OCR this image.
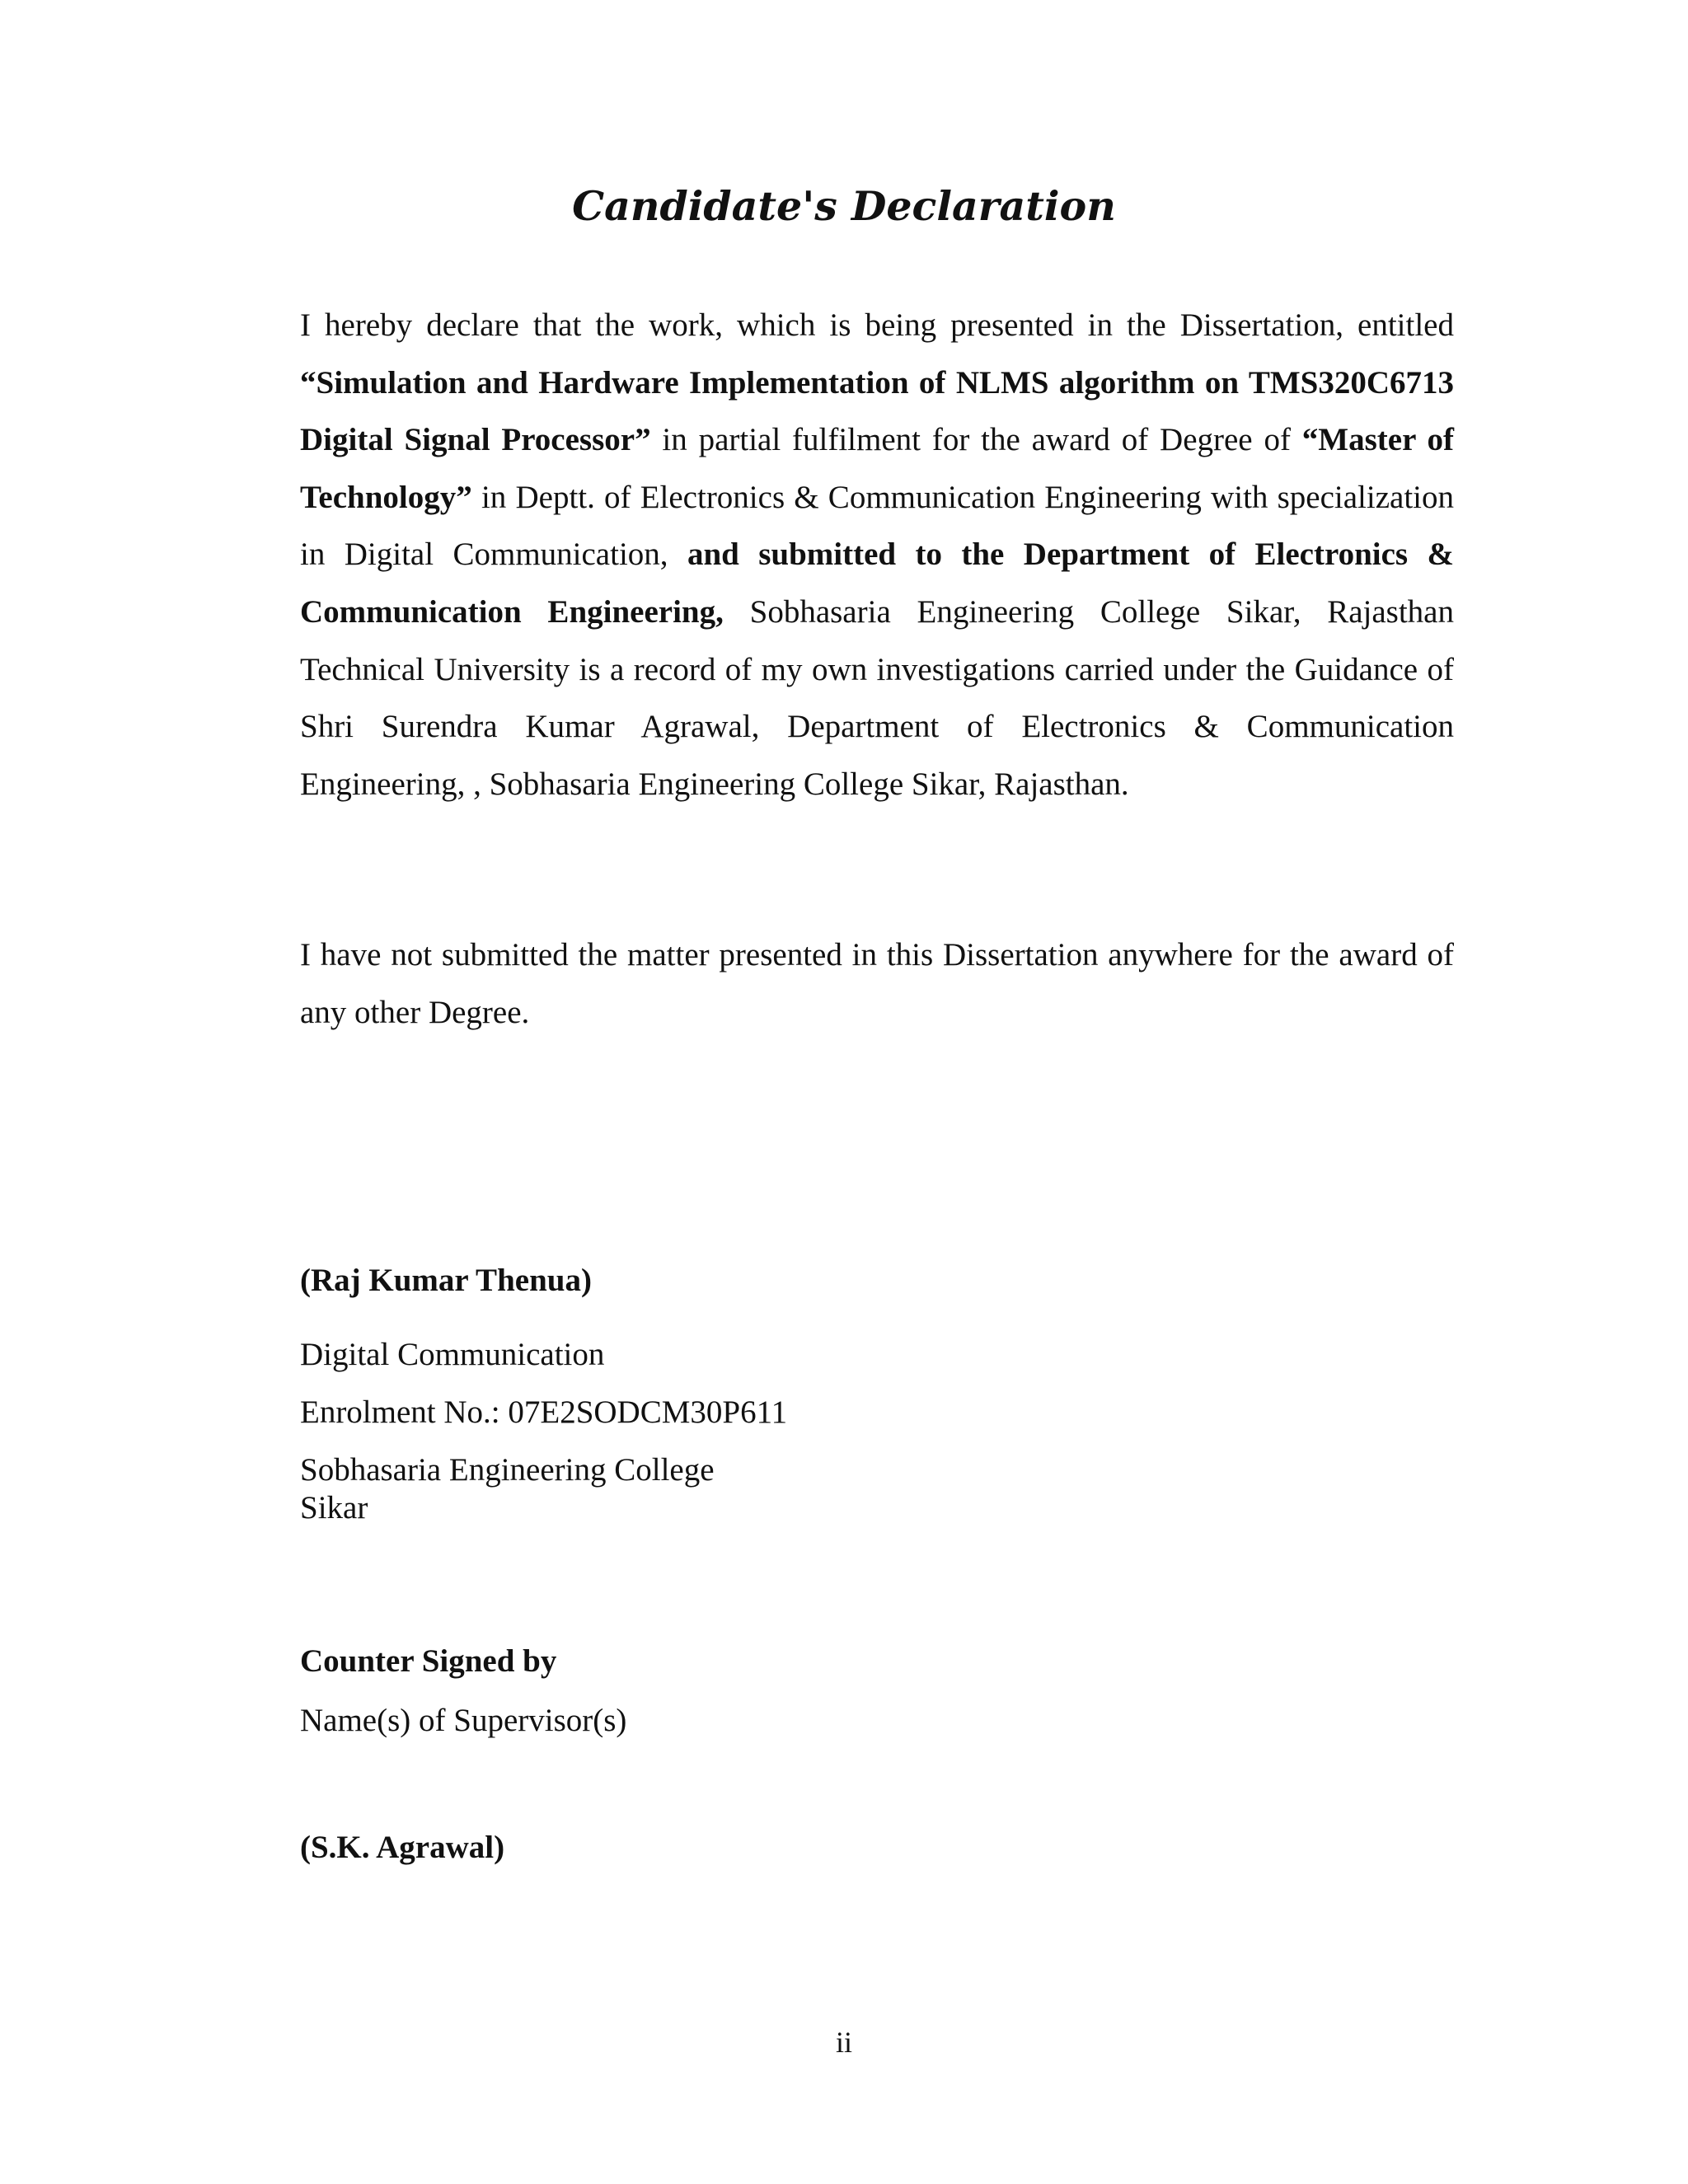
Candidate's Declaration

I hereby declare that the work, which is being presented in the Dissertation, entitled “Simulation and Hardware Implementation of NLMS algorithm on TMS320C6713 Digital Signal Processor” in partial fulfilment for the award of Degree of “Master of Technology” in Deptt. of Electronics & Communication Engineering with specialization in Digital Communication, and submitted to the Department of Electronics & Communication Engineering, Sobhasaria Engineering College Sikar, Rajasthan Technical University is a record of my own investigations carried under the Guidance of Shri Surendra Kumar Agrawal, Department of Electronics & Communication Engineering, , Sobhasaria Engineering College Sikar, Rajasthan.

I have not submitted the matter presented in this Dissertation anywhere for the award of any other Degree.

(Raj Kumar Thenua)

Digital Communication

Enrolment No.: 07E2SODCM30P611

Sobhasaria Engineering College

Sikar

Counter Signed by

Name(s) of Supervisor(s)

(S.K. Agrawal)

ii
